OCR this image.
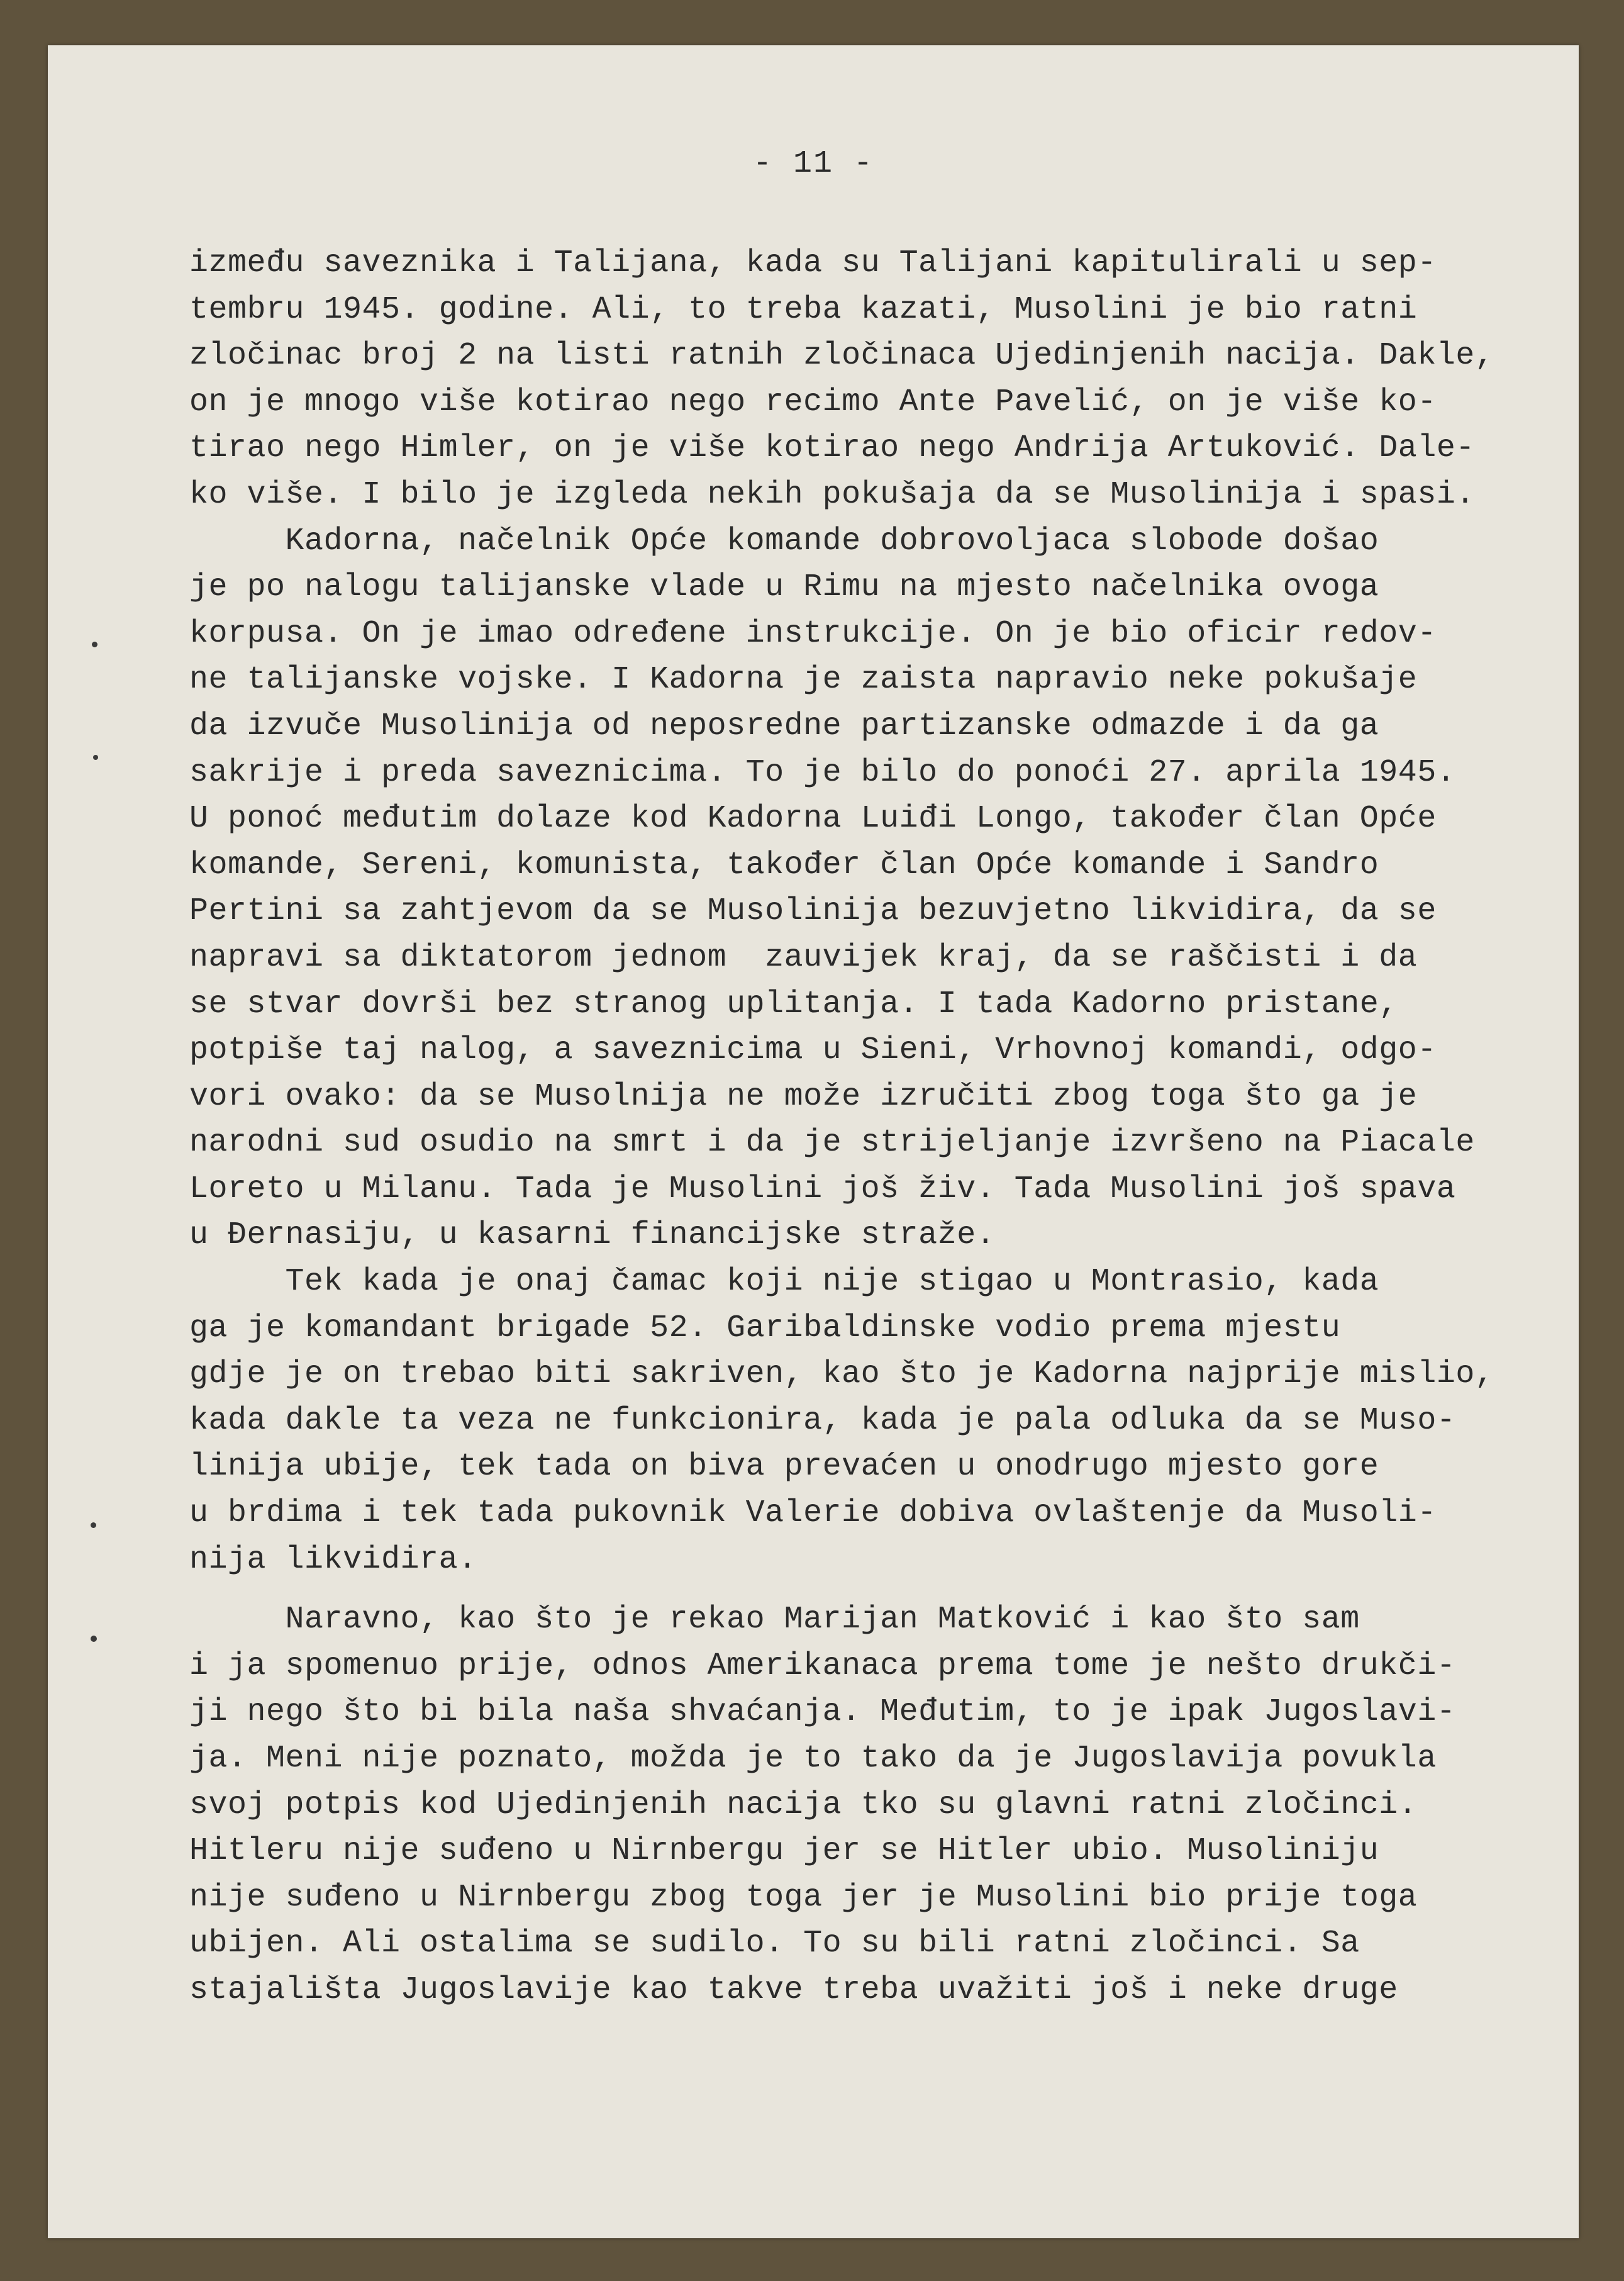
- 11 -
između saveznika i Talijana, kada su Talijani kapitulirali u sep-
tembru 1945. godine. Ali, to treba kazati, Musolini je bio ratni
zločinac broj 2 na listi ratnih zločinaca Ujedinjenih nacija. Dakle,
on je mnogo više kotirao nego recimo Ante Pavelić, on je više ko-
tirao nego Himler, on je više kotirao nego Andrija Artuković. Dale-
ko više. I bilo je izgleda nekih pokušaja da se Musolinija i spasi.
Kadorna, načelnik Opće komande dobrovoljaca slobode došao
je po nalogu talijanske vlade u Rimu na mjesto načelnika ovoga
korpusa. On je imao određene instrukcije. On je bio oficir redov-
ne talijanske vojske. I Kadorna je zaista napravio neke pokušaje
da izvuče Musolinija od neposredne partizanske odmazde i da ga
sakrije i preda saveznicima. To je bilo do ponoći 27. aprila 1945.
U ponoć međutim dolaze kod Kadorna Luiđi Longo, također član Opće
komande, Sereni, komunista, također član Opće komande i Sandro
Pertini sa zahtjevom da se Musolinija bezuvjetno likvidira, da se
napravi sa diktatorom jednom  zauvijek kraj, da se raščisti i da
se stvar dovrši bez stranog uplitanja. I tada Kadorno pristane,
potpiše taj nalog, a saveznicima u Sieni, Vrhovnoj komandi, odgo-
vori ovako: da se Musolnija ne može izručiti zbog toga što ga je
narodni sud osudio na smrt i da je strijeljanje izvršeno na Piacale
Loreto u Milanu. Tada je Musolini još živ. Tada Musolini još spava
u Đernasiju, u kasarni financijske straže.
Tek kada je onaj čamac koji nije stigao u Montrasio, kada
ga je komandant brigade 52. Garibaldinske vodio prema mjestu
gdje je on trebao biti sakriven, kao što je Kadorna najprije mislio,
kada dakle ta veza ne funkcionira, kada je pala odluka da se Muso-
linija ubije, tek tada on biva prevaćen u onodrugo mjesto gore
u brdima i tek tada pukovnik Valerie dobiva ovlaštenje da Musoli-
nija likvidira.
Naravno, kao što je rekao Marijan Matković i kao što sam
i ja spomenuo prije, odnos Amerikanaca prema tome je nešto drukči-
ji nego što bi bila naša shvaćanja. Međutim, to je ipak Jugoslavi-
ja. Meni nije poznato, možda je to tako da je Jugoslavija povukla
svoj potpis kod Ujedinjenih nacija tko su glavni ratni zločinci.
Hitleru nije suđeno u Nirnbergu jer se Hitler ubio. Musoliniju
nije suđeno u Nirnbergu zbog toga jer je Musolini bio prije toga
ubijen. Ali ostalima se sudilo. To su bili ratni zločinci. Sa
stajališta Jugoslavije kao takve treba uvažiti još i neke druge
